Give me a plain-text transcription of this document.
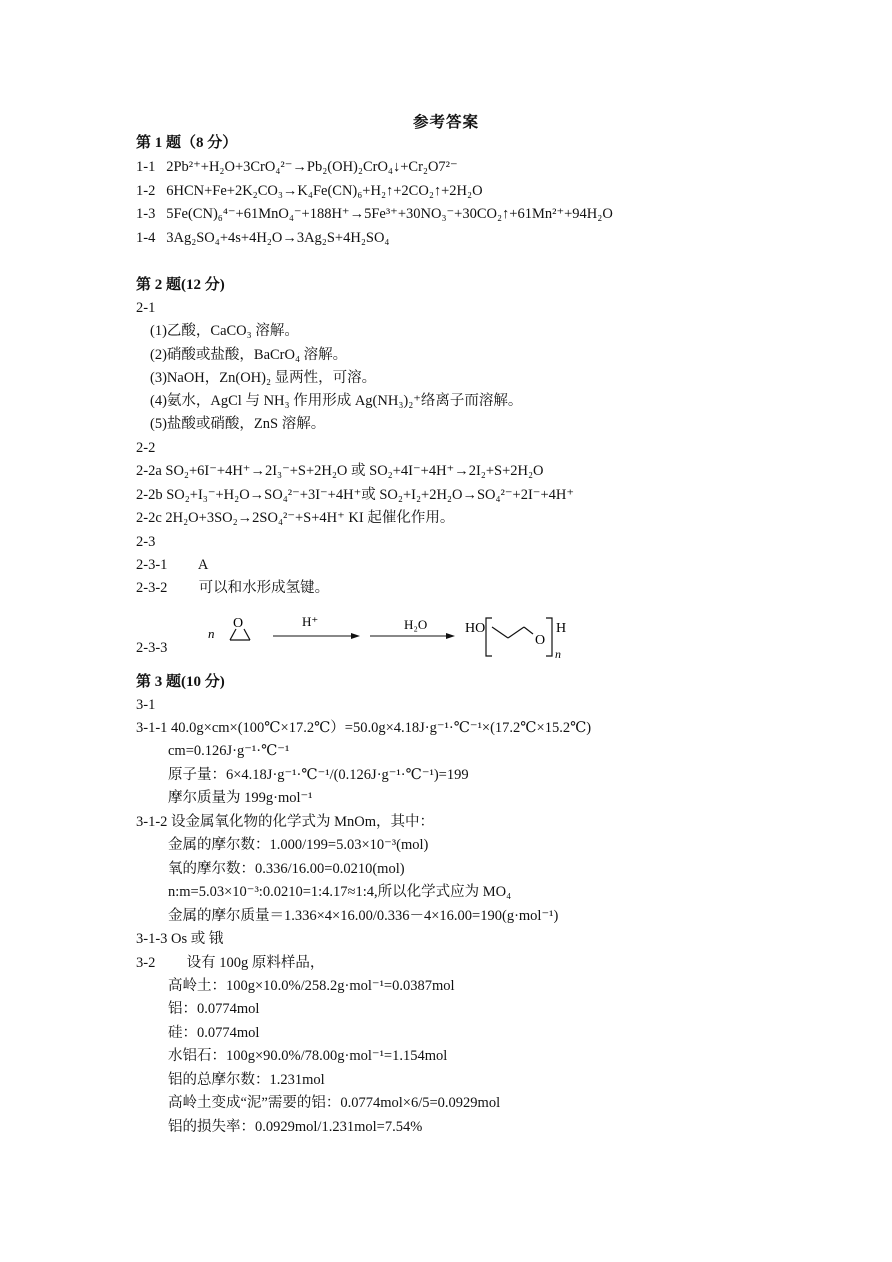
参考答案
第 1 题（8 分）
1-1 2Pb²⁺+H₂O+3CrO₄²⁻→Pb₂(OH)₂CrO₄↓+Cr₂O7²⁻
1-2 6HCN+Fe+2K₂CO₃→K₄Fe(CN)₆+H₂↑+2CO₂↑+2H₂O
1-3 5Fe(CN)₆⁴⁻+61MnO₄⁻+188H⁺→5Fe³⁺+30NO₃⁻+30CO₂↑+61Mn²⁺+94H₂O
1-4 3Ag₂SO₄+4s+4H₂O→3Ag₂S+4H₂SO₄
第 2 题(12 分)
2-1
(1)乙酸，CaCO₃ 溶解。
(2)硝酸或盐酸，BaCrO₄ 溶解。
(3)NaOH，Zn(OH)₂ 显两性，可溶。
(4)氨水，AgCl 与 NH₃ 作用形成 Ag(NH₃)₂⁺络离子而溶解。
(5)盐酸或硝酸，ZnS 溶解。
2-2
2-2a SO₂+6I⁻+4H⁺→2I₃⁻+S+2H₂O 或 SO₂+4I⁻+4H⁺→2I₂+S+2H₂O
2-2b SO₂+I₃⁻+H₂O→SO₄²⁻+3I⁻+4H⁺或 SO₂+I₂+2H₂O→SO₄²⁻+2I⁻+4H⁺
2-2c 2H₂O+3SO₂→2SO₄²⁻+S+4H⁺ KI 起催化作用。
2-3
2-3-1 A
2-3-2 可以和水形成氢键。
2-3-3
n
O	H⁺	H₂O	HO
O
H
n
第 3 题(10 分)
3-1
3-1-1 40.0g×cm×(100℃×17.2℃）=50.0g×4.18J·g⁻¹·℃⁻¹×(17.2℃×15.2℃)
cm=0.126J·g⁻¹·℃⁻¹
原子量：6×4.18J·g⁻¹·℃⁻¹/(0.126J·g⁻¹·℃⁻¹)=199
摩尔质量为 199g·mol⁻¹
3-1-2 设金属氧化物的化学式为 MnOm，其中：
金属的摩尔数：1.000/199=5.03×10⁻³(mol)
氧的摩尔数：0.336/16.00=0.0210(mol)
n:m=5.03×10⁻³:0.0210=1:4.17≈1:4,所以化学式应为 MO₄
金属的摩尔质量＝1.336×4×16.00/0.336－4×16.00=190(g·mol⁻¹)
3-1-3 Os 或 锇
3-2 设有 100g 原料样品，
高岭土：100g×10.0%/258.2g·mol⁻¹=0.0387mol
铝：0.0774mol
硅：0.0774mol
水铝石：100g×90.0%/78.00g·mol⁻¹=1.154mol
铝的总摩尔数：1.231mol
高岭土变成“泥”需要的铝：0.0774mol×6/5=0.0929mol
铝的损失率：0.0929mol/1.231mol=7.54%
